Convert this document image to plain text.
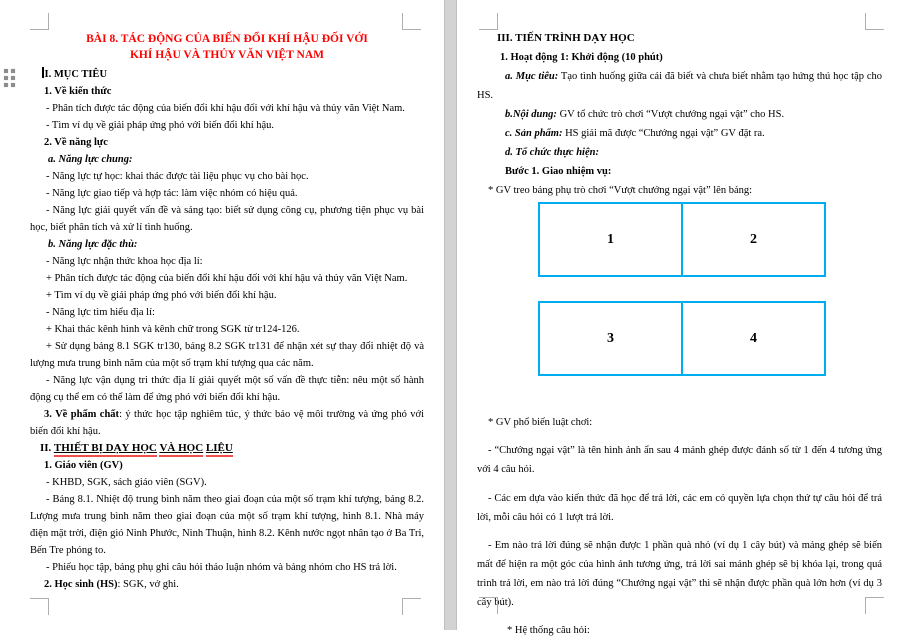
BÀI 8. TÁC ĐỘNG CỦA BIẾN ĐỔI KHÍ HẬU ĐỐI VỚI

KHÍ HẬU VÀ THỦY VĂN VIỆT NAM

I. MỤC TIÊU

1. Về kiến thức

- Phân tích được tác động của biến đổi khí hậu đối với khí hậu và thủy văn Việt Nam.

- Tìm ví dụ về giải pháp ứng phó với biến đổi khí hậu.

2. Về năng lực

a. Năng lực chung:

- Năng lực tự học: khai thác được tài liệu phục vụ cho bài học.

- Năng lực giao tiếp và hợp tác: làm việc nhóm có hiệu quả.

- Năng lực giải quyết vấn đề và sáng tạo: biết sử dụng công cụ, phương tiện phục vụ bài học, biết phân tích và xử lí tình huống.

b. Năng lực đặc thù:

- Năng lực nhận thức khoa học địa lí:

+ Phân tích được tác động của biến đổi khí hậu đối với khí hậu và thủy văn Việt Nam.

+ Tìm ví dụ về giải pháp ứng phó với biến đổi khí hậu.

- Năng lực tìm hiểu địa lí:

+ Khai thác kênh hình và kênh chữ trong SGK từ tr124-126.

+ Sử dụng bảng 8.1 SGK tr130, bảng 8.2 SGK tr131 để nhận xét sự thay đổi nhiệt độ và lượng mưa trung bình năm của một số trạm khí tượng qua các năm.

- Năng lực vận dụng tri thức địa lí giải quyết một số vấn đề thực tiễn: nêu một số hành động cụ thể em có thể làm để ứng phó với biến đổi khí hậu.

3. Về phẩm chất: ý thức học tập nghiêm túc, ý thức bảo vệ môi trường và ứng phó với biến đổi khí hậu.

II. THIẾT BỊ DẠY HỌC VÀ HỌC LIỆU

1. Giáo viên (GV)

- KHBD, SGK, sách giáo viên (SGV).

- Bảng 8.1. Nhiệt độ trung bình năm theo giai đoạn của một số trạm khí tượng, bảng 8.2. Lượng mưa trung bình năm theo giai đoạn của một số trạm khí tượng, hình 8.1. Nhà máy điện mặt trời, điện gió Ninh Phước, Ninh Thuận, hình 8.2. Kênh nước ngọt nhân tạo ở Ba Tri, Bến Tre phóng to.

- Phiếu học tập, bảng phụ ghi câu hỏi thảo luận nhóm và bảng nhóm cho HS trả lời.

2. Học sinh (HS): SGK, vở ghi.

III. TIẾN TRÌNH DẠY HỌC

1. Hoạt động 1: Khởi động (10 phút)

a. Mục tiêu: Tạo tình huống giữa cái đã biết và chưa biết nhằm tạo hứng thú học tập cho HS.

b.Nội dung: GV tổ chức trò chơi “Vượt chướng ngại vật” cho HS.

c. Sản phẩm: HS giải mã được “Chướng ngại vật” GV đặt ra.

d. Tổ chức thực hiện:

Bước 1. Giao nhiệm vụ:

* GV treo bảng phụ trò chơi “Vượt chướng ngại vật” lên bảng:

1	2
3	4

* GV phổ biến luật chơi:

- “Chướng ngại vật” là tên hình ảnh ẩn sau 4 mảnh ghép được đánh số từ 1 đến 4 tương ứng với 4 câu hỏi.

- Các em dựa vào kiến thức đã học để trả lời, các em có quyền lựa chọn thứ tự câu hỏi để trả lời, mỗi câu hỏi có 1 lượt trả lời.

- Em nào trả lời đúng sẽ nhận được 1 phần quà nhỏ (ví dụ 1 cây bút) và mảng ghép sẽ biến mất để hiện ra một góc của hình ảnh tương ứng, trả lời sai mảnh ghép sẽ bị khóa lại, trong quá trình trả lời, em nào trả lời đúng “Chướng ngại vật” thì sẽ nhận được phần quà lớn hơn (ví dụ 3 cây bút).

* Hệ thống câu hỏi:
